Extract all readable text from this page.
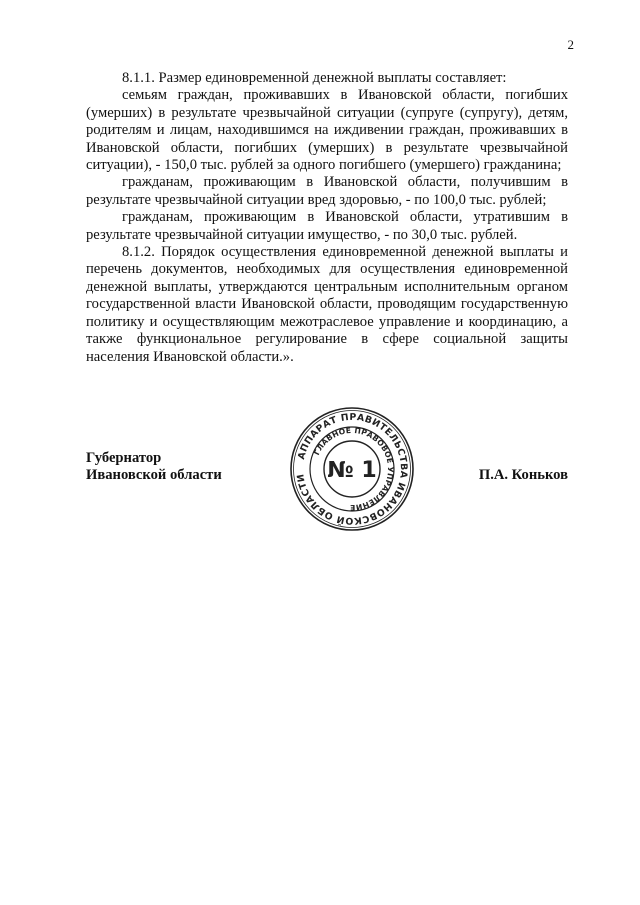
2

8.1.1. Размер единовременной денежной выплаты составляет:

семьям граждан, проживавших в Ивановской области, погибших (умерших) в результате чрезвычайной ситуации (супруге (супругу), детям, родителям и лицам, находившимся на иждивении граждан, проживавших в Ивановской области, погибших (умерших) в результате чрезвычайной ситуации), - 150,0 тыс. рублей за одного погибшего (умершего) гражданина;

гражданам, проживающим в Ивановской области, получившим в результате чрезвычайной ситуации вред здоровью, - по 100,0 тыс. рублей;

гражданам, проживающим в Ивановской области, утратившим в результате чрезвычайной ситуации имущество, - по 30,0 тыс. рублей.

8.1.2. Порядок осуществления единовременной денежной выплаты и перечень документов, необходимых для осуществления единовременной денежной выплаты, утверждаются центральным исполнительным органом государственной власти Ивановской области, проводящим государственную политику и осуществляющим межотраслевое управление и координацию, а также функциональное регулирование в сфере социальной защиты населения Ивановской области.».

Губернатор
Ивановской области	П.А. Коньков
АППАРАТ ПРАВИТЕЛЬСТВА ИВАНОВСКОЙ ОБЛАСТИ
ГЛАВНОЕ ПРАВОВОЕ УПРАВЛЕНИЕ
№ 1
